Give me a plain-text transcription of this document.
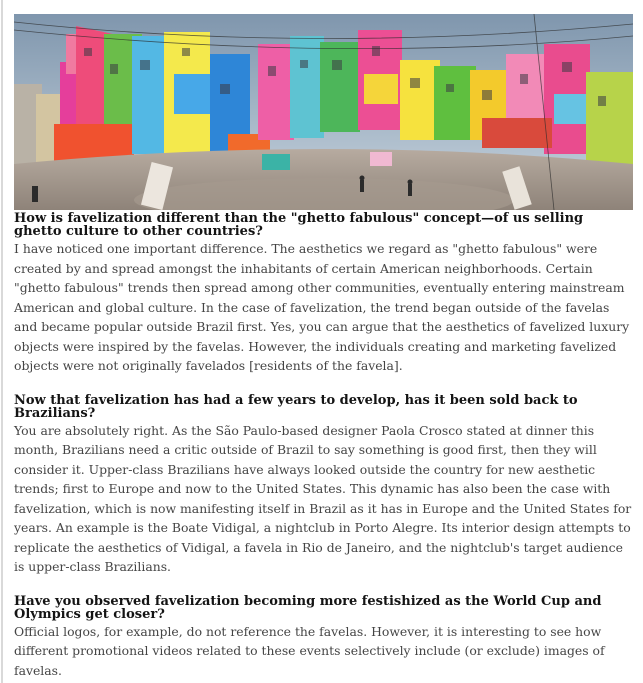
How is favelization different than the "ghetto fabulous" concept—of us selling ghetto culture to other countries?

I have noticed one important difference. The aesthetics we regard as "ghetto fabulous" were created by and spread amongst the inhabitants of certain American neighborhoods. Certain "ghetto fabulous" trends then spread among other communities, eventually entering mainstream American and global culture. In the case of favelization, the trend began outside of the favelas and became popular outside Brazil first. Yes, you can argue that the aesthetics of favelized luxury objects were inspired by the favelas. However, the individuals creating and marketing favelized objects were not originally favelados [residents of the favela].

Now that favelization has had a few years to develop, has it been sold back to Brazilians?

You are absolutely right. As the São Paulo-based designer Paola Crosco stated at dinner this month, Brazilians need a critic outside of Brazil to say something is good first, then they will consider it. Upper-class Brazilians have always looked outside the country for new aesthetic trends; first to Europe and now to the United States. This dynamic has also been the case with favelization, which is now manifesting itself in Brazil as it has in Europe and the United States for years. An example is the Boate Vidigal, a nightclub in Porto Alegre. Its interior design attempts to replicate the aesthetics of Vidigal, a favela in Rio de Janeiro, and the nightclub's target audience is upper-class Brazilians.

Have you observed favelization becoming more festishized as the World Cup and Olympics get closer?

Official logos, for example, do not reference the favelas. However, it is interesting to see how different promotional videos related to these events selectively include (or exclude) images of favelas.
